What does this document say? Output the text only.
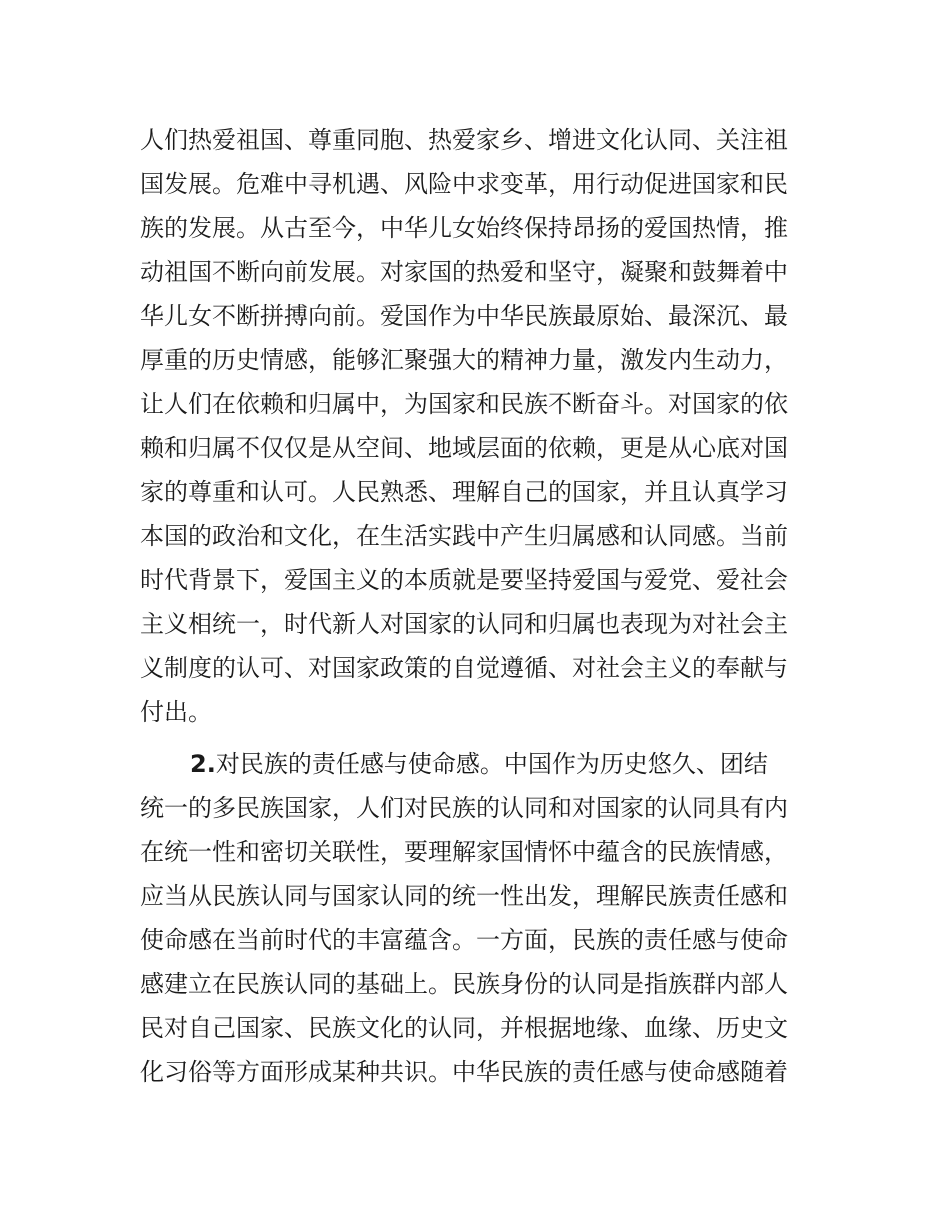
人们热爱祖国、尊重同胞、热爱家乡、增进文化认同、关注祖
国发展。危难中寻机遇、风险中求变革，用行动促进国家和民
族的发展。从古至今，中华儿女始终保持昂扬的爱国热情，推
动祖国不断向前发展。对家国的热爱和坚守，凝聚和鼓舞着中
华儿女不断拼搏向前。爱国作为中华民族最原始、最深沉、最
厚重的历史情感，能够汇聚强大的精神力量，激发内生动力，
让人们在依赖和归属中，为国家和民族不断奋斗。对国家的依
赖和归属不仅仅是从空间、地域层面的依赖，更是从心底对国
家的尊重和认可。人民熟悉、理解自己的国家，并且认真学习
本国的政治和文化，在生活实践中产生归属感和认同感。当前
时代背景下，爱国主义的本质就是要坚持爱国与爱党、爱社会
主义相统一，时代新人对国家的认同和归属也表现为对社会主
义制度的认可、对国家政策的自觉遵循、对社会主义的奉献与
付出。
2.对民族的责任感与使命感。中国作为历史悠久、团结
统一的多民族国家，人们对民族的认同和对国家的认同具有内
在统一性和密切关联性，要理解家国情怀中蕴含的民族情感，
应当从民族认同与国家认同的统一性出发，理解民族责任感和
使命感在当前时代的丰富蕴含。一方面，民族的责任感与使命
感建立在民族认同的基础上。民族身份的认同是指族群内部人
民对自己国家、民族文化的认同，并根据地缘、血缘、历史文
化习俗等方面形成某种共识。中华民族的责任感与使命感随着
